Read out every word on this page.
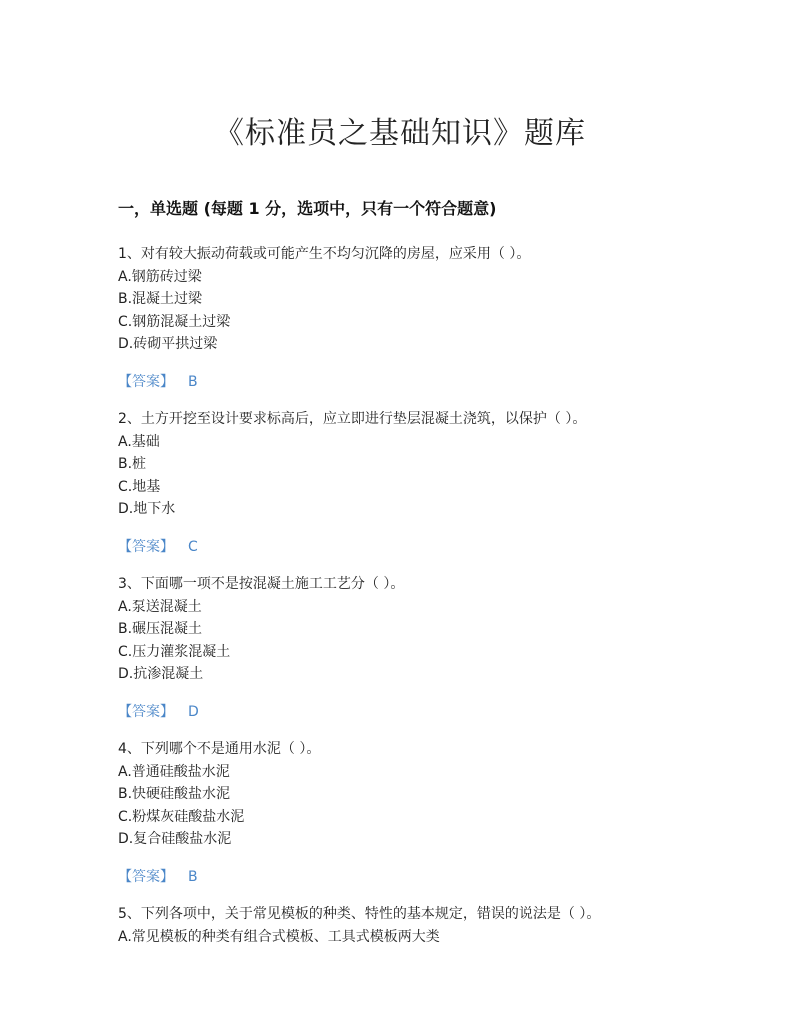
《标准员之基础知识》题库
一，单选题 (每题 1 分，选项中，只有一个符合题意)
1、对有较大振动荷载或可能产生不均匀沉降的房屋，应采用（ ）。
A.钢筋砖过梁
B.混凝土过梁
C.钢筋混凝土过梁
D.砖砌平拱过梁
【答案】 B
2、土方开挖至设计要求标高后，应立即进行垫层混凝土浇筑，以保护（ ）。
A.基础
B.桩
C.地基
D.地下水
【答案】 C
3、下面哪一项不是按混凝土施工工艺分（ ）。
A.泵送混凝土
B.碾压混凝土
C.压力灌浆混凝土
D.抗渗混凝土
【答案】 D
4、下列哪个不是通用水泥（ ）。
A.普通硅酸盐水泥
B.快硬硅酸盐水泥
C.粉煤灰硅酸盐水泥
D.复合硅酸盐水泥
【答案】 B
5、下列各项中，关于常见模板的种类、特性的基本规定，错误的说法是（ ）。
A.常见模板的种类有组合式模板、工具式模板两大类
